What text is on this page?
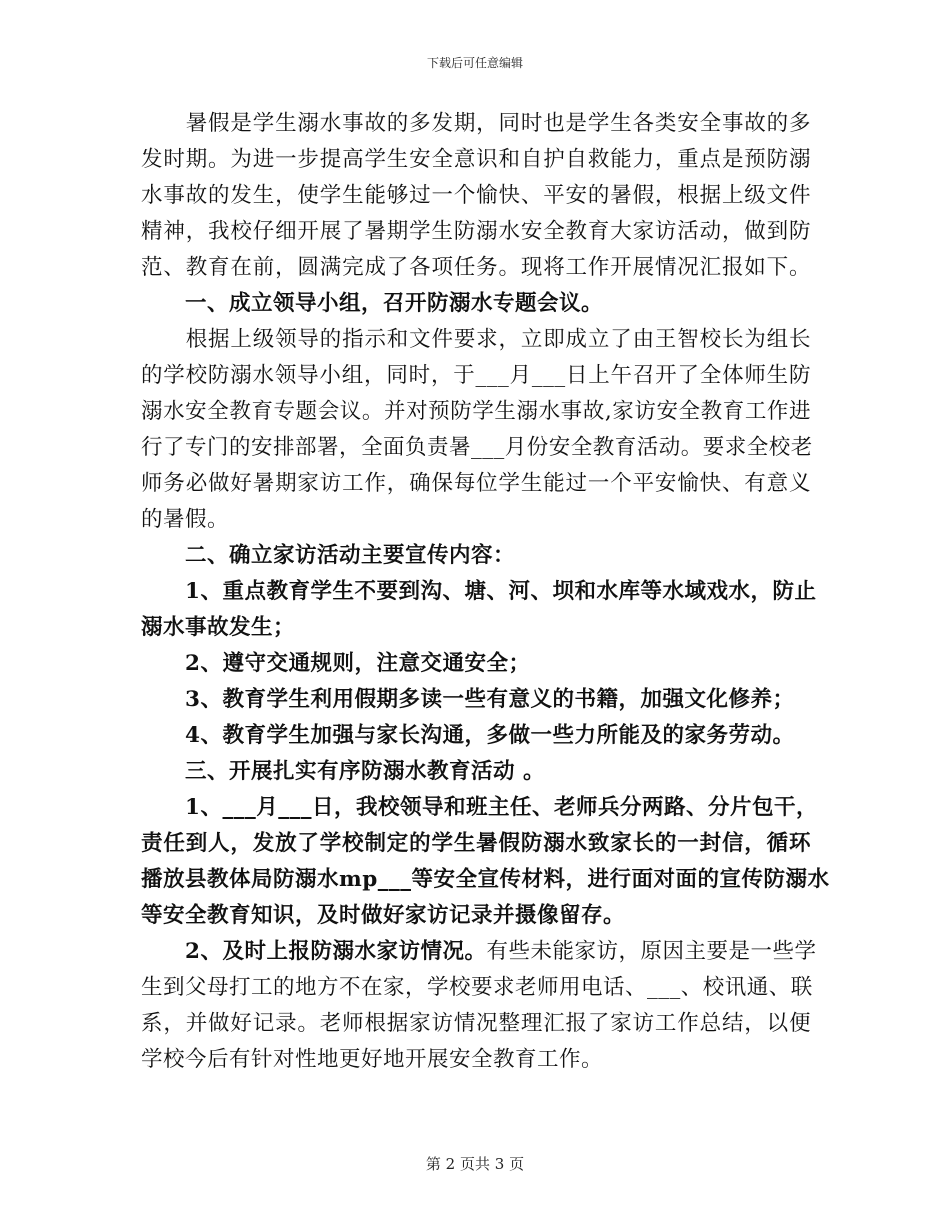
下载后可任意编辑
　　暑假是学生溺水事故的多发期，同时也是学生各类安全事故的多
发时期。为进一步提高学生安全意识和自护自救能力，重点是预防溺
水事故的发生，使学生能够过一个愉快、平安的暑假，根据上级文件
精神，我校仔细开展了暑期学生防溺水安全教育大家访活动，做到防
范、教育在前，圆满完成了各项任务。现将工作开展情况汇报如下。
　　一、成立领导小组，召开防溺水专题会议。
　　根据上级领导的指示和文件要求，立即成立了由王智校长为组长
的学校防溺水领导小组，同时，于___月___日上午召开了全体师生防
溺水安全教育专题会议。并对预防学生溺水事故,家访安全教育工作进
行了专门的安排部署，全面负责暑___月份安全教育活动。要求全校老
师务必做好暑期家访工作，确保每位学生能过一个平安愉快、有意义
的暑假。
　　二、确立家访活动主要宣传内容：
　　1、重点教育学生不要到沟、塘、河、坝和水库等水域戏水，防止
溺水事故发生；
　　2、遵守交通规则，注意交通安全；
　　3、教育学生利用假期多读一些有意义的书籍，加强文化修养；
　　4、教育学生加强与家长沟通，多做一些力所能及的家务劳动。
　　三、开展扎实有序防溺水教育活动 。
　　1、___月___日，我校领导和班主任、老师兵分两路、分片包干，
责任到人，发放了学校制定的学生暑假防溺水致家长的一封信，循环
播放县教体局防溺水mp___等安全宣传材料，进行面对面的宣传防溺水
等安全教育知识，及时做好家访记录并摄像留存。
　　2、及时上报防溺水家访情况。有些未能家访，原因主要是一些学
生到父母打工的地方不在家，学校要求老师用电话、___、校讯通、联
系，并做好记录。老师根据家访情况整理汇报了家访工作总结，以便
学校今后有针对性地更好地开展安全教育工作。
第 2 页共 3 页
